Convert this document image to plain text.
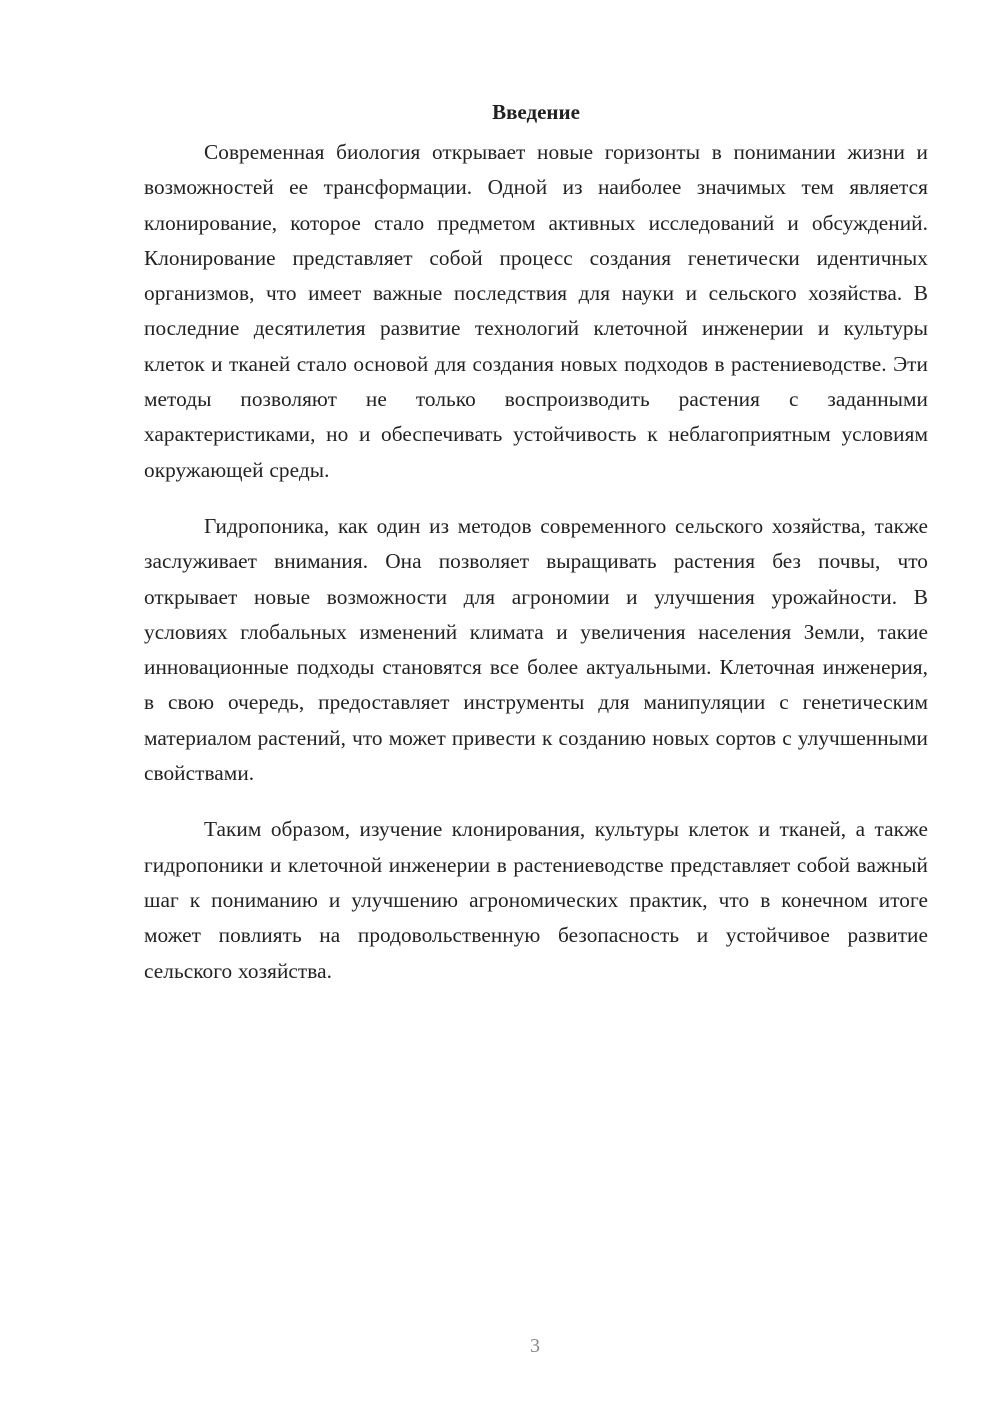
Введение

Современная биология открывает новые горизонты в понимании жизни и возможностей ее трансформации. Одной из наиболее значимых тем является клонирование, которое стало предметом активных исследований и обсуждений. Клонирование представляет собой процесс создания генетически идентичных организмов, что имеет важные последствия для науки и сельского хозяйства. В последние десятилетия развитие технологий клеточной инженерии и культуры клеток и тканей стало основой для создания новых подходов в растениеводстве. Эти методы позволяют не только воспроизводить растения с заданными характеристиками, но и обеспечивать устойчивость к неблагоприятным условиям окружающей среды.

Гидропоника, как один из методов современного сельского хозяйства, также заслуживает внимания. Она позволяет выращивать растения без почвы, что открывает новые возможности для агрономии и улучшения урожайности. В условиях глобальных изменений климата и увеличения населения Земли, такие инновационные подходы становятся все более актуальными. Клеточная инженерия, в свою очередь, предоставляет инструменты для манипуляции с генетическим материалом растений, что может привести к созданию новых сортов с улучшенными свойствами.

Таким образом, изучение клонирования, культуры клеток и тканей, а также гидропоники и клеточной инженерии в растениеводстве представляет собой важный шаг к пониманию и улучшению агрономических практик, что в конечном итоге может повлиять на продовольственную безопасность и устойчивое развитие сельского хозяйства.

3
